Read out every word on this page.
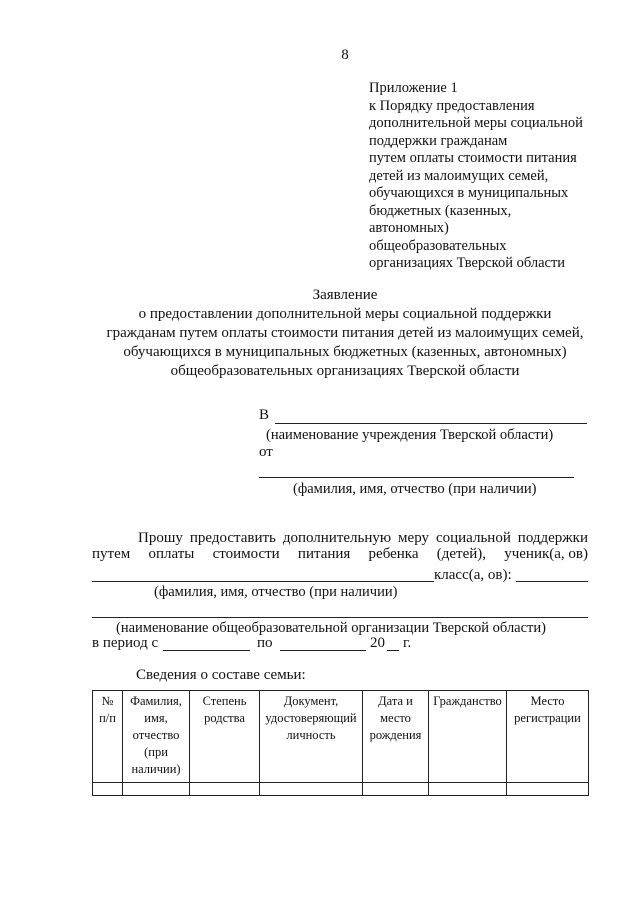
8
Приложение 1
к Порядку предоставления
дополнительной меры социальной
поддержки гражданам
путем оплаты стоимости питания
детей из малоимущих семей,
обучающихся в муниципальных
бюджетных (казенных,
автономных)
общеобразовательных
организациях Тверской области
Заявление
о предоставлении дополнительной меры социальной поддержки
гражданам путем оплаты стоимости питания детей из малоимущих семей,
обучающихся в муниципальных бюджетных (казенных, автономных)
общеобразовательных организациях Тверской области
В
(наименование учреждения Тверской области)
от
(фамилия, имя, отчество (при наличии)
Прошу предоставить дополнительную меру социальной поддержки
путем оплаты стоимости питания ребенка (детей), ученик(а, ов)
класс(а, ов):
(фамилия, имя, отчество (при наличии)
(наименование общеобразовательной организации Тверской области)
в период с	по	20 г.
Сведения о составе семьи:
№ п/п	Фамилия, имя, отчество (при наличии)	Степень родства	Документ, удостоверяющий личность	Дата и место рождения	Гражданство	Место регистрации
